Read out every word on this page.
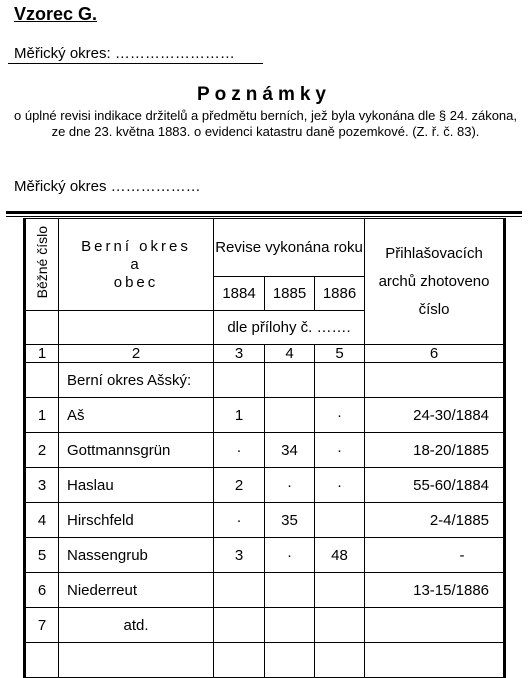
Vzorec G.
Měřický okres: ……………………
Poznámky
o úplné revisi indikace držitelů a předmětu berních, jež byla vykonána dle § 24. zákona, ze dne 23. května 1883. o evidenci katastru daně pozemkové. (Z. ř. č. 83).
Měřický okres ………………
Běžné číslo	Berní okres
a
obec	Revise vykonána roku			Přihlašovacích archů zhotoveno číslo
		1884	1885	1886	
		dle přílohy č. …….			
1	2	3	4	5	6
	Berní okres Ašský:				
1	Aš	1		·	24-30/1884
2	Gottmannsgrün	·	34	·	18-20/1885
3	Haslau	2	·	·	55-60/1884
4	Hirschfeld	·	35		2-4/1885
5	Nassengrub	3	·	48	-
6	Niederreut				13-15/1886
7	atd.				
